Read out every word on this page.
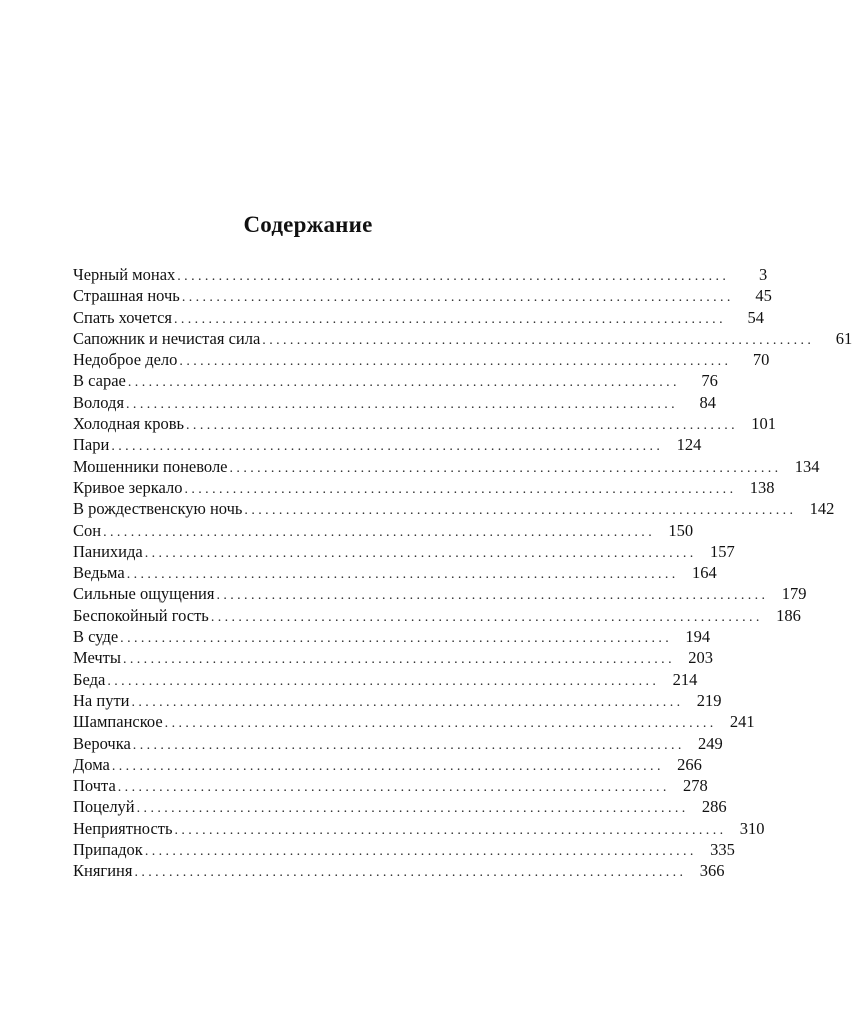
Содержание
Черный монах ................................................................................	3
Страшная ночь ................................................................................	45
Спать хочется ................................................................................	54
Сапожник и нечистая сила ................................................................................	61
Недоброе дело ................................................................................	70
В сарае ................................................................................	76
Володя ................................................................................	84
Холодная кровь ................................................................................ 101
Пари ................................................................................ 124
Мошенники поневоле ................................................................................ 134
Кривое зеркало ................................................................................ 138
В рождественскую ночь ................................................................................ 142
Сон ................................................................................ 150
Панихида ................................................................................ 157
Ведьма ................................................................................ 164
Сильные ощущения ................................................................................ 179
Беспокойный гость ................................................................................ 186
В суде ................................................................................ 194
Мечты ................................................................................ 203
Беда ................................................................................ 214
На пути ................................................................................ 219
Шампанское ................................................................................ 241
Верочка ................................................................................ 249
Дома ................................................................................ 266
Почта ................................................................................ 278
Поцелуй ................................................................................ 286
Неприятность ................................................................................ 310
Припадок ................................................................................ 335
Княгиня ................................................................................ 366
